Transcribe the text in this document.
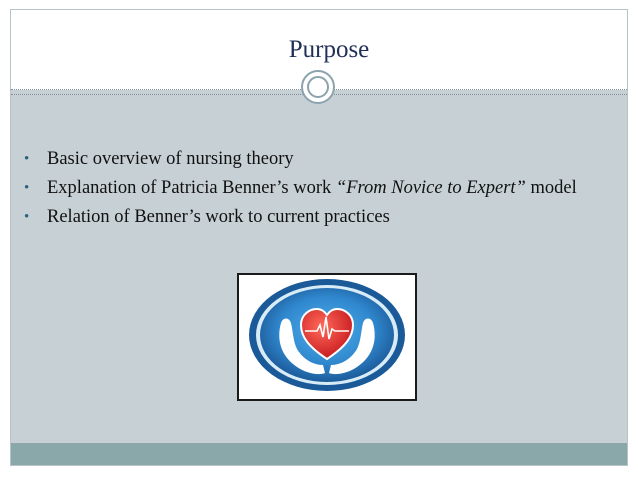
Purpose
• Basic overview of nursing theory
• Explanation of Patricia Benner’s work “From Novice to Expert” model
• Relation of Benner’s work to current practices
